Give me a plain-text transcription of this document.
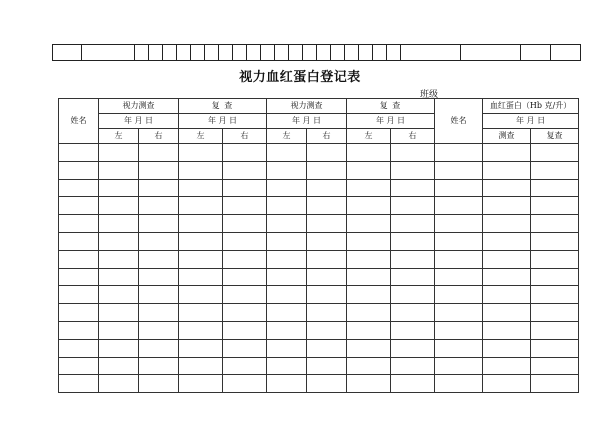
视力血红蛋白登记表
班级
姓名	视力测查		复 查		视力测查		复 查		姓名	血红蛋白（Hb 克/升）	
	年 月 日		年 月 日		年 月 日		年 月 日			年 月 日	
	左	右	左	右	左	右	左	右		测查	复查
